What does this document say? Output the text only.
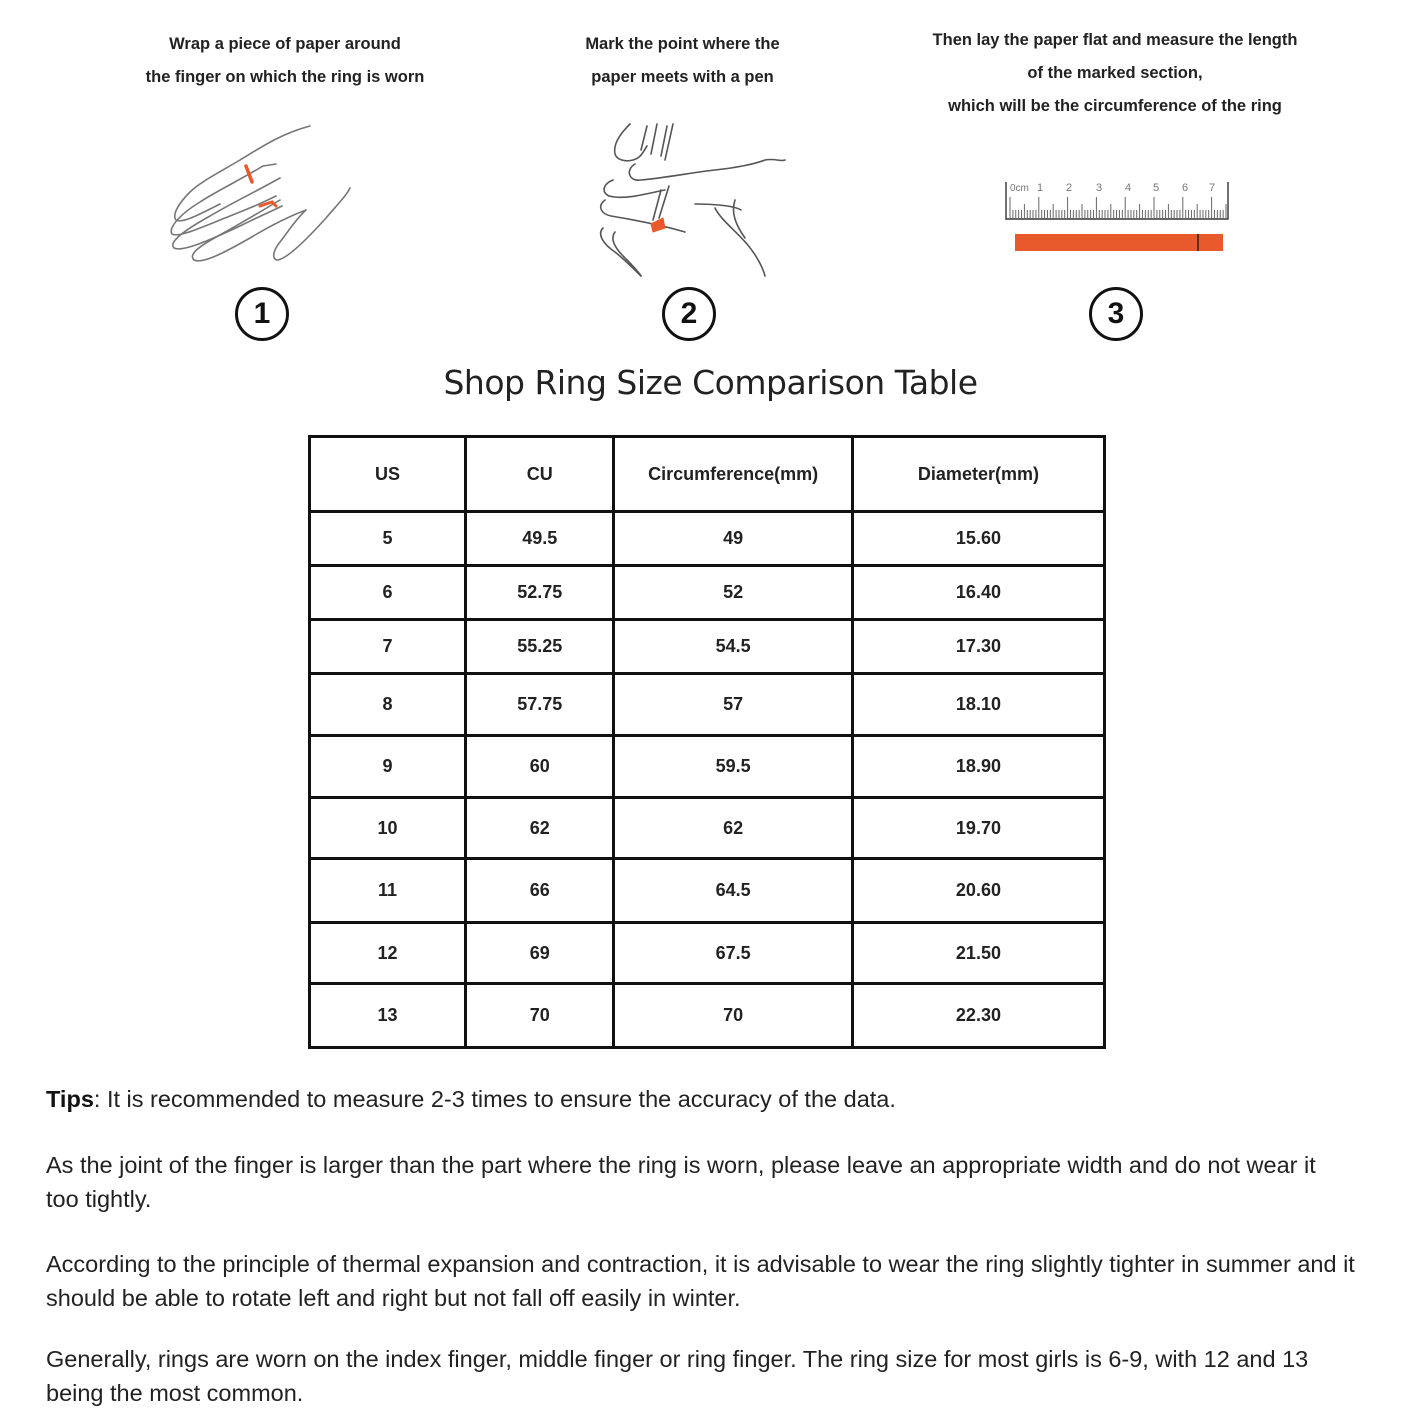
Wrap a piece of paper around
the finger on which the ring is worn
1
Mark the point where the
paper meets with a pen
2
Then lay the paper flat and measure the length
of the marked section,
which will be the circumference of the ring
0cm 1 2 3 4 5 6 7
3
Shop Ring Size Comparison Table
US	CU	Circumference(mm)	Diameter(mm)
5	49.5	49	15.60
6	52.75	52	16.40
7	55.25	54.5	17.30
8	57.75	57	18.10
9	60	59.5	18.90
10	62	62	19.70
11	66	64.5	20.60
12	69	67.5	21.50
13	70	70	22.30

Tips: It is recommended to measure 2-3 times to ensure the accuracy of the data.

As the joint of the finger is larger than the part where the ring is worn, please leave an appropriate width and do not wear it too tightly.

According to the principle of thermal expansion and contraction, it is advisable to wear the ring slightly tighter in summer and it should be able to rotate left and right but not fall off easily in winter.

Generally, rings are worn on the index finger, middle finger or ring finger. The ring size for most girls is 6-9, with 12 and 13 being the most common.
